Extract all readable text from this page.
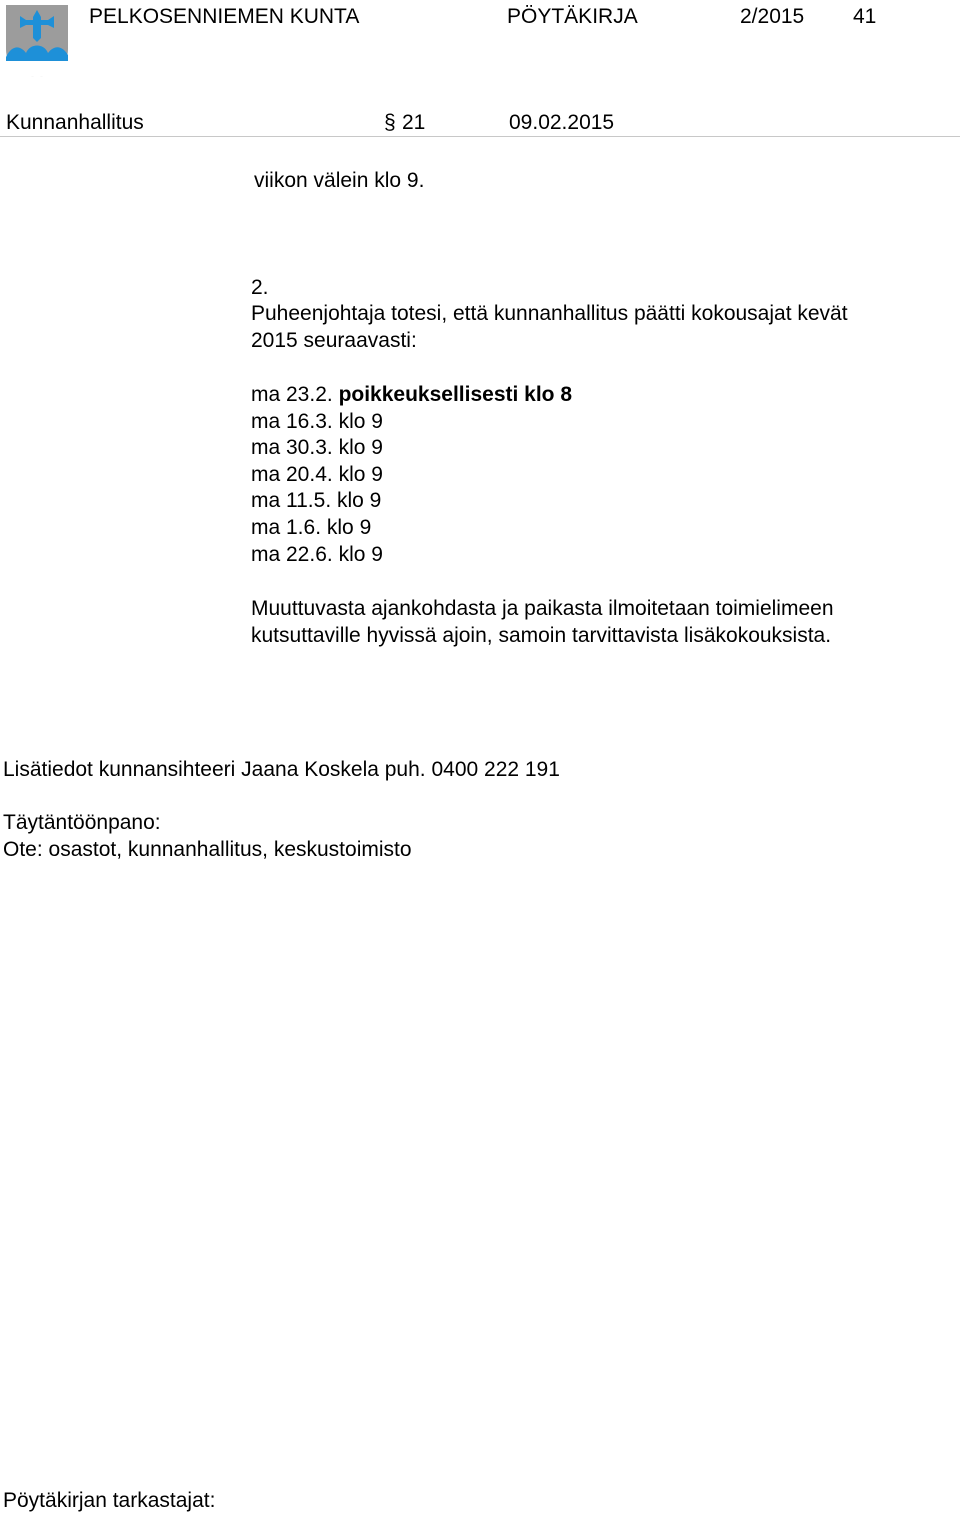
PELKOSENNIEMEN KUNTA	PÖYTÄKIRJA	2/2015 41
Kunnanhallitus	§ 21	09.02.2015
viikon välein klo 9.
2.
Puheenjohtaja totesi, että kunnanhallitus päätti kokousajat kevät
2015 seuraavasti:
ma 23.2. poikkeuksellisesti klo 8
ma 16.3. klo 9
ma 30.3. klo 9
ma 20.4. klo 9
ma 11.5. klo 9
ma 1.6. klo 9
ma 22.6. klo 9
Muuttuvasta ajankohdasta ja paikasta ilmoitetaan toimielimeen
kutsuttaville hyvissä ajoin, samoin tarvittavista lisäkokouksista.
Lisätiedot kunnansihteeri Jaana Koskela puh. 0400 222 191
Täytäntöönpano:
Ote: osastot, kunnanhallitus, keskustoimisto
Pöytäkirjan tarkastajat:
